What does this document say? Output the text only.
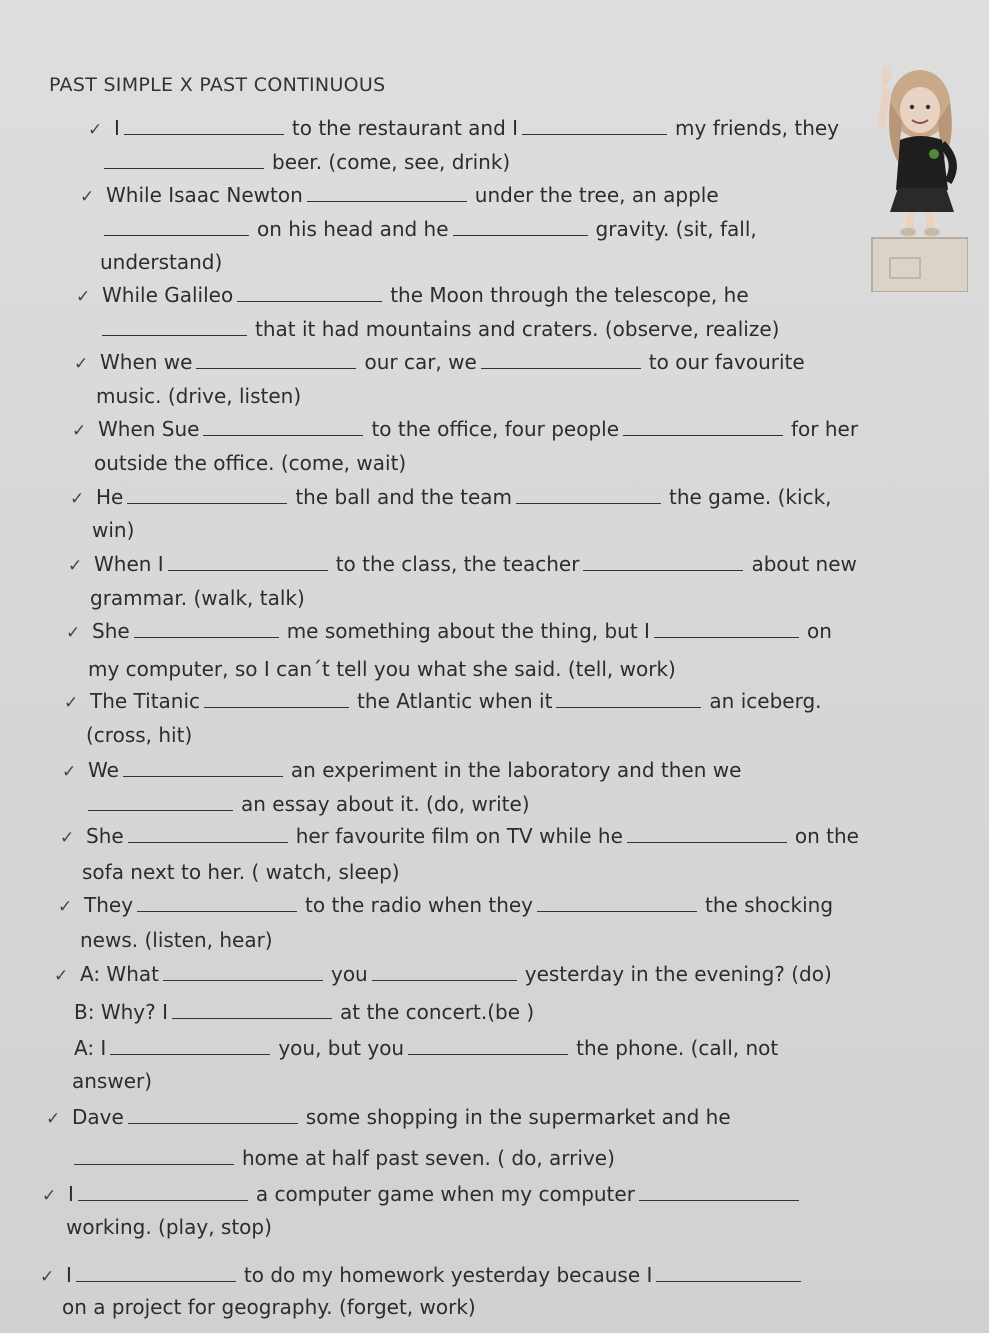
PAST SIMPLE X PAST CONTINUOUS
✓ I	to the restaurant and I	my friends, they
beer. (come, see, drink)
✓ While Isaac Newton	under the tree, an apple
on his head and he	gravity. (sit, fall,
understand)
✓ While Galileo	the Moon through the telescope, he
that it had mountains and craters. (observe, realize)
✓ When we	our car, we	to our favourite
music. (drive, listen)
✓ When Sue	to the office, four people	for her
outside the office. (come, wait)
✓ He	the ball and the team	the game. (kick,
win)
✓ When I	to the class, the teacher	about new
grammar. (walk, talk)
✓ She	me something about the thing, but I	on
my computer, so I can´t tell you what she said. (tell, work)
✓ The Titanic	the Atlantic when it	an iceberg.
(cross, hit)
✓ We	an experiment in the laboratory and then we
an essay about it. (do, write)
✓ She	her favourite film on TV while he	on the
sofa next to her. ( watch, sleep)
✓ They	to the radio when they	the shocking
news. (listen, hear)
✓ A: What	you	yesterday in the evening? (do)
B: Why? I	at the concert.(be )
A: I	you, but you	the phone. (call, not
answer)
✓ Dave	some shopping in the supermarket and he
home at half past seven. ( do, arrive)
✓ I	a computer game when my computer
working. (play, stop)
✓ I	to do my homework yesterday because I
on a project for geography. (forget, work)
